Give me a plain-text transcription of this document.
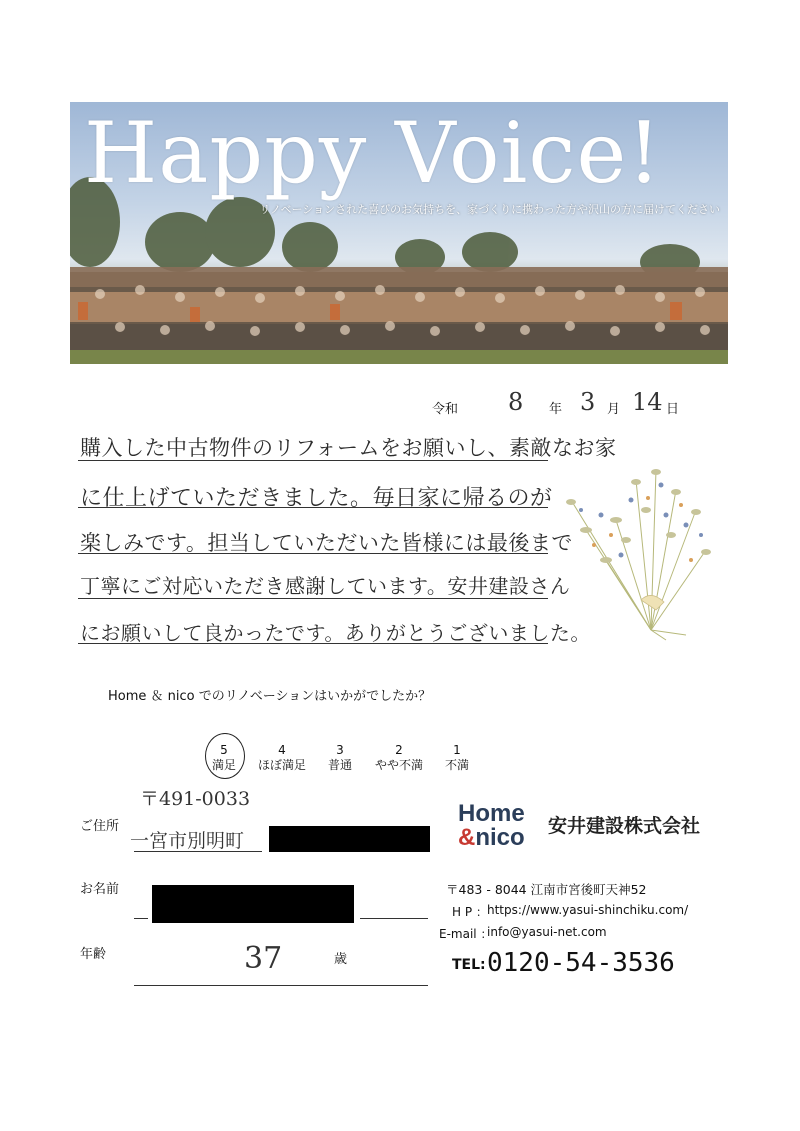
Happy Voice!
リノベーションされた喜びのお気持ちを、家づくりに携わった方や沢山の方に届けてください
令和 8 年 3 月 14 日
購入した中古物件のリフォームをお願いし、素敵なお家
に仕上げていただきました。毎日家に帰るのが
楽しみです。担当していただいた皆様には最後まで
丁寧にご対応いただき感謝しています。安井建設さん
にお願いして良かったです。ありがとうございました。
Home ＆ nico でのリノベーションはいかがでしたか？
5
満足
4
ほぼ満足
3
普通
2
やや不満
1
不満
〒491-0033
ご住所
一宮市別明町
お名前
年齢	37	歳
Home
&nico 安井建設株式会社
〒483 - 8044 江南市宮後町天神52
H P ： https://www.yasui-shinchiku.com/
E-mail ：
info@yasui-net.com
TEL: 0120-54-3536
